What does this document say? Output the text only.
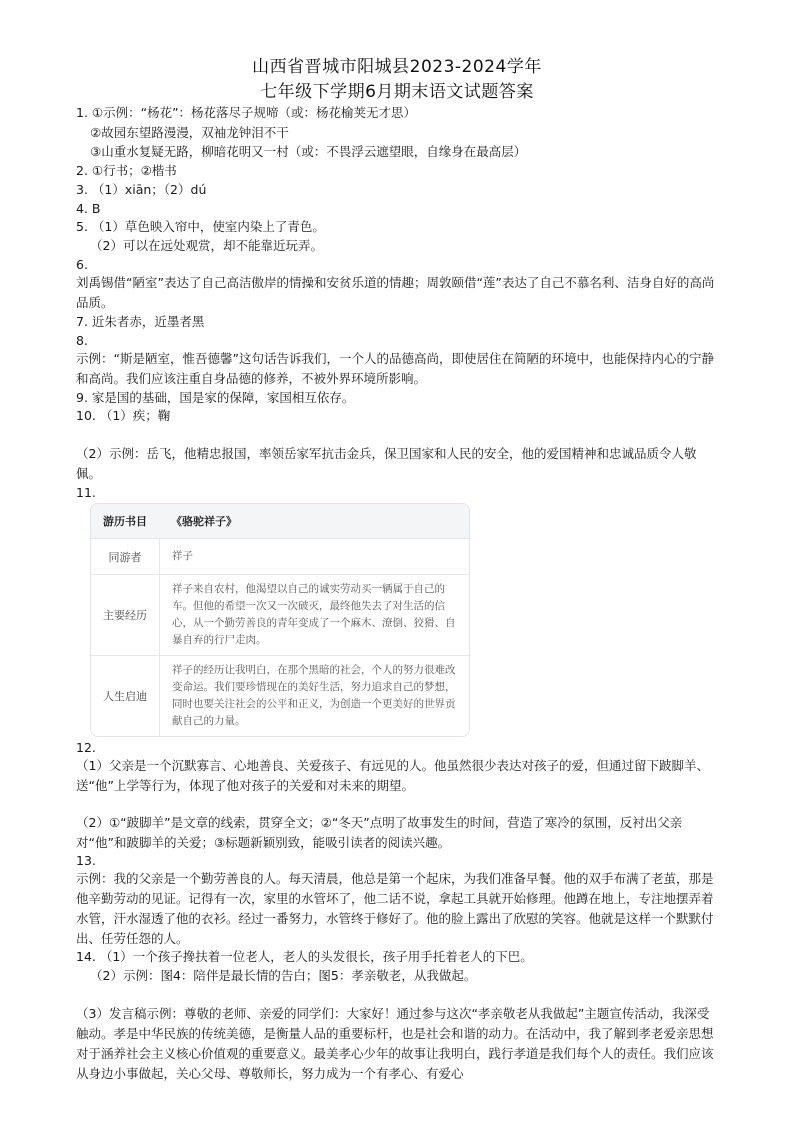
山西省晋城市阳城县2023-2024学年
七年级下学期6月期末语文试题答案
1. ①示例：“杨花”：杨花落尽子规啼（或：杨花榆荚无才思）
②故园东望路漫漫，双袖龙钟泪不干
③山重水复疑无路，柳暗花明又一村（或：不畏浮云遮望眼，自缘身在最高层）
2. ①行书；②楷书
3. （1）xiān；（2）dú
4. B
5. （1）草色映入帘中，使室内染上了青色。
（2）可以在远处观赏，却不能靠近玩弄。
6.
刘禹锡借“陋室”表达了自己高洁傲岸的情操和安贫乐道的情趣；周敦颐借“莲”表达了自己不慕名利、洁身自好的高尚品质。
7. 近朱者赤，近墨者黑
8.
示例：“斯是陋室，惟吾德馨”这句话告诉我们，一个人的品德高尚，即使居住在简陋的环境中，也能保持内心的宁静和高尚。我们应该注重自身品德的修养，不被外界环境所影响。
9. 家是国的基础，国是家的保障，家国相互依存。
10. （1）疾；鞠
（2）示例：岳飞，他精忠报国，率领岳家军抗击金兵，保卫国家和人民的安全，他的爱国精神和忠诚品质令人敬佩。
11.
游历书目	《骆驼祥子》
同游者	祥子
主要经历
祥子来自农村，他渴望以自己的诚实劳动买一辆属于自己的车。但他的希望一次又一次破灭，最终他失去了对生活的信心，从一个勤劳善良的青年变成了一个麻木、潦倒、狡猾、自暴自弃的行尸走肉。
人生启迪
祥子的经历让我明白，在那个黑暗的社会，个人的努力很难改变命运。我们要珍惜现在的美好生活，努力追求自己的梦想，同时也要关注社会的公平和正义，为创造一个更美好的世界贡献自己的力量。
12.
（1）父亲是一个沉默寡言、心地善良、关爱孩子、有远见的人。他虽然很少表达对孩子的爱，但通过留下跛脚羊、送“他”上学等行为，体现了他对孩子的关爱和对未来的期望。
（2）①“跛脚羊”是文章的线索，贯穿全文；②“冬天”点明了故事发生的时间，营造了寒冷的氛围，反衬出父亲对“他”和跛脚羊的关爱；③标题新颖别致，能吸引读者的阅读兴趣。
13.
示例：我的父亲是一个勤劳善良的人。每天清晨，他总是第一个起床，为我们准备早餐。他的双手布满了老茧，那是他辛勤劳动的见证。记得有一次，家里的水管坏了，他二话不说，拿起工具就开始修理。他蹲在地上，专注地摆弄着水管，汗水湿透了他的衣衫。经过一番努力，水管终于修好了。他的脸上露出了欣慰的笑容。他就是这样一个默默付出、任劳任怨的人。
14. （1）一个孩子搀扶着一位老人，老人的头发很长，孩子用手托着老人的下巴。
（2）示例：图4：陪伴是最长情的告白；图5：孝亲敬老，从我做起。
（3）发言稿示例：尊敬的老师、亲爱的同学们：大家好！通过参与这次“孝亲敬老从我做起”主题宣传活动，我深受触动。孝是中华民族的传统美德，是衡量人品的重要标杆，也是社会和谐的动力。在活动中，我了解到孝老爱亲思想对于涵养社会主义核心价值观的重要意义。最美孝心少年的故事让我明白，践行孝道是我们每个人的责任。我们应该从身边小事做起，关心父母、尊敬师长，努力成为一个有孝心、有爱心
